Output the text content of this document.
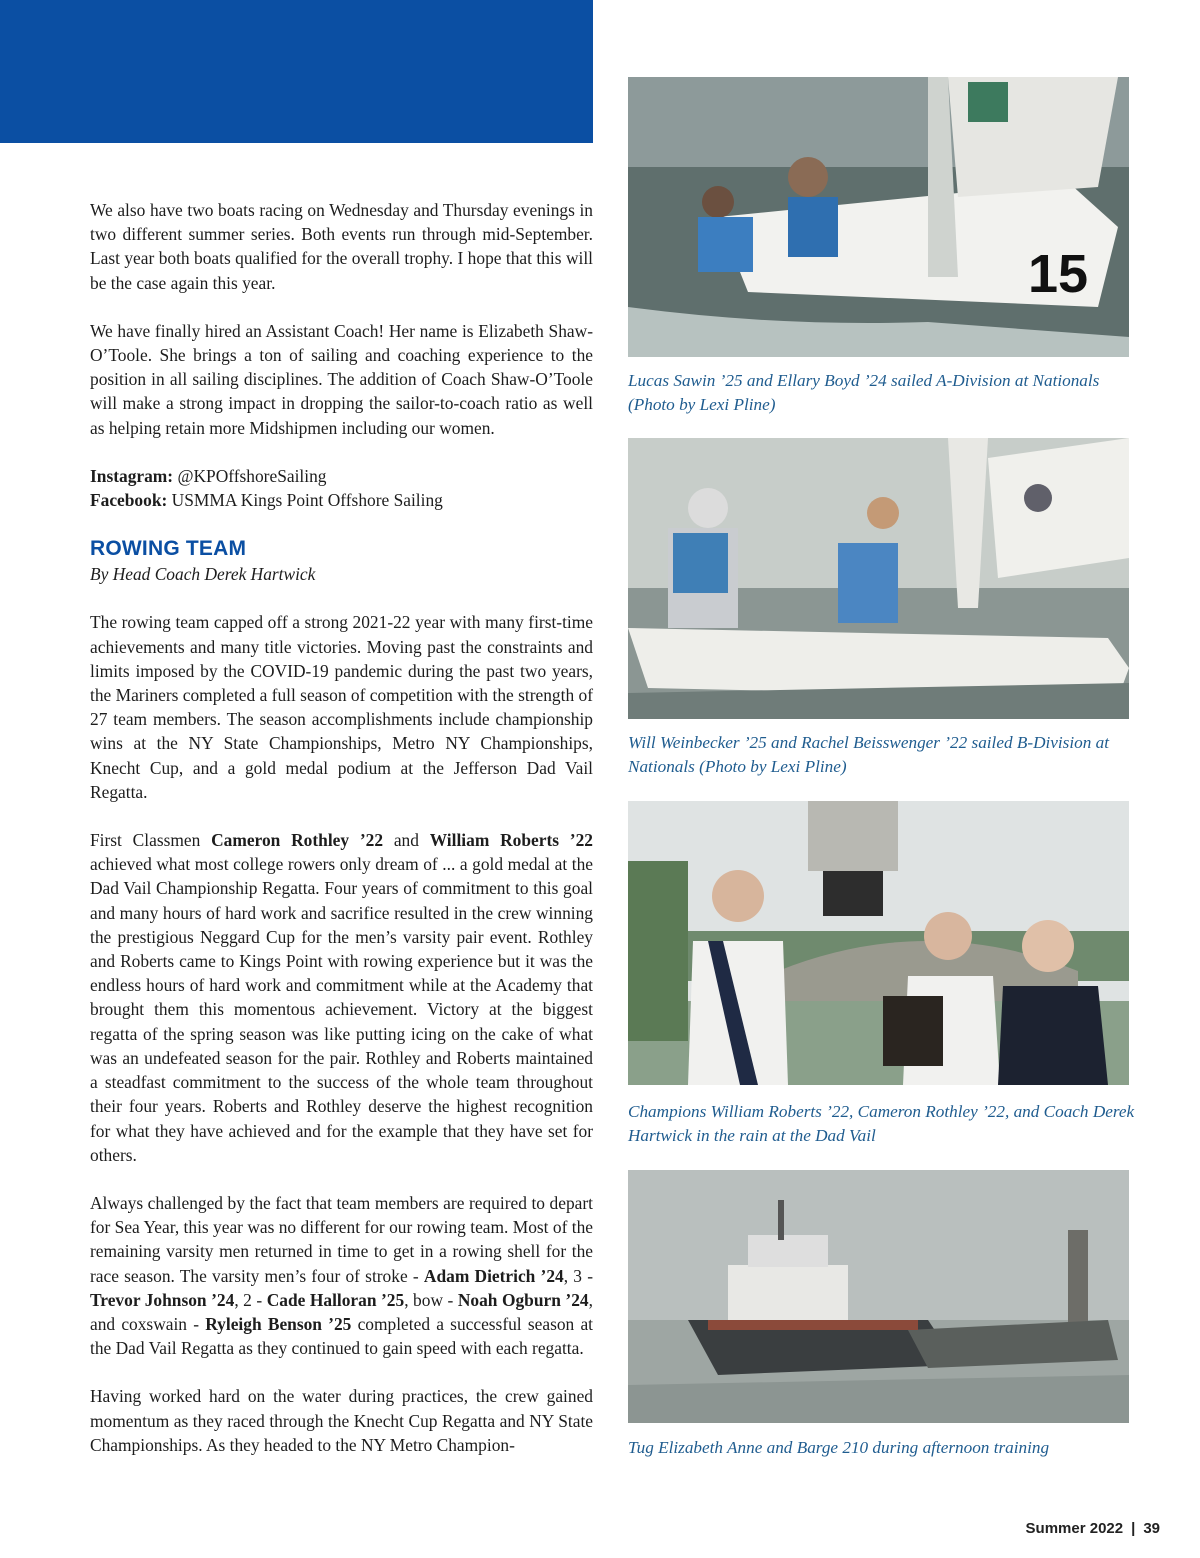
We also have two boats racing on Wednesday and Thursday evenings in two different summer series. Both events run through mid-September. Last year both boats qualified for the overall trophy. I hope that this will be the case again this year.

We have finally hired an Assistant Coach! Her name is Elizabeth Shaw-O’Toole. She brings a ton of sailing and coaching experience to the position in all sailing disciplines. The addition of Coach Shaw-O’Toole will make a strong impact in dropping the sailor-to-coach ratio as well as helping retain more Midshipmen including our women.

Instagram: @KPOffshoreSailing
Facebook: USMMA Kings Point Offshore Sailing
ROWING TEAM

By Head Coach Derek Hartwick

The rowing team capped off a strong 2021-22 year with many first-time achievements and many title victories. Moving past the constraints and limits imposed by the COVID-19 pandemic during the past two years, the Mariners completed a full season of competition with the strength of 27 team members. The season accomplishments include championship wins at the NY State Championships, Metro NY Championships, Knecht Cup, and a gold medal podium at the Jefferson Dad Vail Regatta.

First Classmen Cameron Rothley ’22 and William Roberts ’22 achieved what most college rowers only dream of ... a gold medal at the Dad Vail Championship Regatta. Four years of commitment to this goal and many hours of hard work and sacrifice resulted in the crew winning the prestigious Neggard Cup for the men’s varsity pair event. Rothley and Roberts came to Kings Point with rowing experience but it was the endless hours of hard work and commitment while at the Academy that brought them this momentous achievement. Victory at the biggest regatta of the spring season was like putting icing on the cake of what was an undefeated season for the pair. Rothley and Roberts maintained a steadfast commitment to the success of the whole team throughout their four years. Roberts and Rothley deserve the highest recognition for what they have achieved and for the example that they have set for others.

Always challenged by the fact that team members are required to depart for Sea Year, this year was no different for our rowing team. Most of the remaining varsity men returned in time to get in a rowing shell for the race season. The varsity men’s four of stroke - Adam Dietrich ’24, 3 - Trevor Johnson ’24, 2 - Cade Halloran ’25, bow - Noah Ogburn ’24, and coxswain - Ryleigh Benson ’25 completed a successful season at the Dad Vail Regatta as they continued to gain speed with each regatta.

Having worked hard on the water during practices, the crew gained momentum as they raced through the Knecht Cup Regatta and NY State Championships. As they headed to the NY Metro Champion-

15
Lucas Sawin ’25 and Ellary Boyd ’24 sailed A-Division at Nationals (Photo by Lexi Pline)
Will Weinbecker ’25 and Rachel Beisswenger ’22 sailed B-Division at Nationals (Photo by Lexi Pline)
Champions William Roberts ’22, Cameron Rothley ’22, and Coach Derek Hartwick in the rain at the Dad Vail
Tug Elizabeth Anne and Barge 210 during afternoon training
Summer 2022 | 39
